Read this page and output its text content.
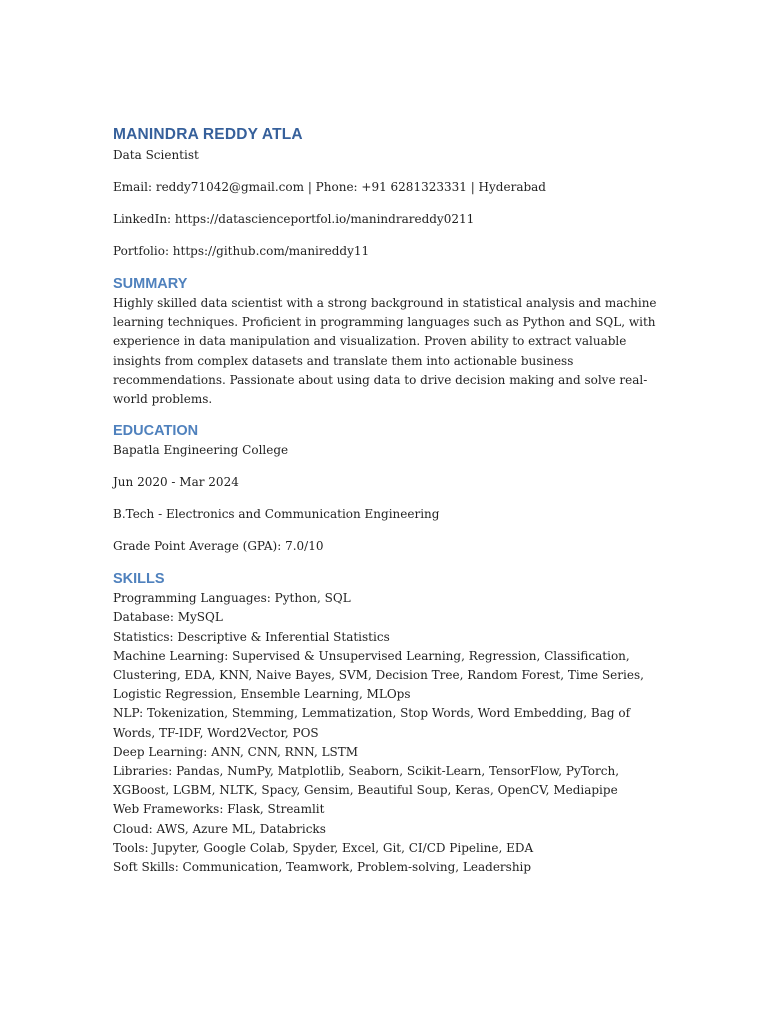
MANINDRA REDDY ATLA

Data Scientist

Email: reddy71042@gmail.com | Phone: +91 6281323331 | Hyderabad

LinkedIn: https://datascienceportfol.io/manindrareddy0211

Portfolio: https://github.com/manireddy11

SUMMARY

Highly skilled data scientist with a strong background in statistical analysis and machine learning techniques. Proficient in programming languages such as Python and SQL, with experience in data manipulation and visualization. Proven ability to extract valuable insights from complex datasets and translate them into actionable business recommendations. Passionate about using data to drive decision making and solve real-world problems.

EDUCATION

Bapatla Engineering College

Jun 2020 - Mar 2024

B.Tech - Electronics and Communication Engineering

Grade Point Average (GPA): 7.0/10

SKILLS
Programming Languages: Python, SQL
Database: MySQL
Statistics: Descriptive & Inferential Statistics
Machine Learning: Supervised & Unsupervised Learning, Regression, Classification, Clustering, EDA, KNN, Naive Bayes, SVM, Decision Tree, Random Forest, Time Series, Logistic Regression, Ensemble Learning, MLOps
NLP: Tokenization, Stemming, Lemmatization, Stop Words, Word Embedding, Bag of Words, TF-IDF, Word2Vector, POS
Deep Learning: ANN, CNN, RNN, LSTM
Libraries: Pandas, NumPy, Matplotlib, Seaborn, Scikit-Learn, TensorFlow, PyTorch, XGBoost, LGBM, NLTK, Spacy, Gensim, Beautiful Soup, Keras, OpenCV, Mediapipe
Web Frameworks: Flask, Streamlit
Cloud: AWS, Azure ML, Databricks
Tools: Jupyter, Google Colab, Spyder, Excel, Git, CI/CD Pipeline, EDA
Soft Skills: Communication, Teamwork, Problem-solving, Leadership
